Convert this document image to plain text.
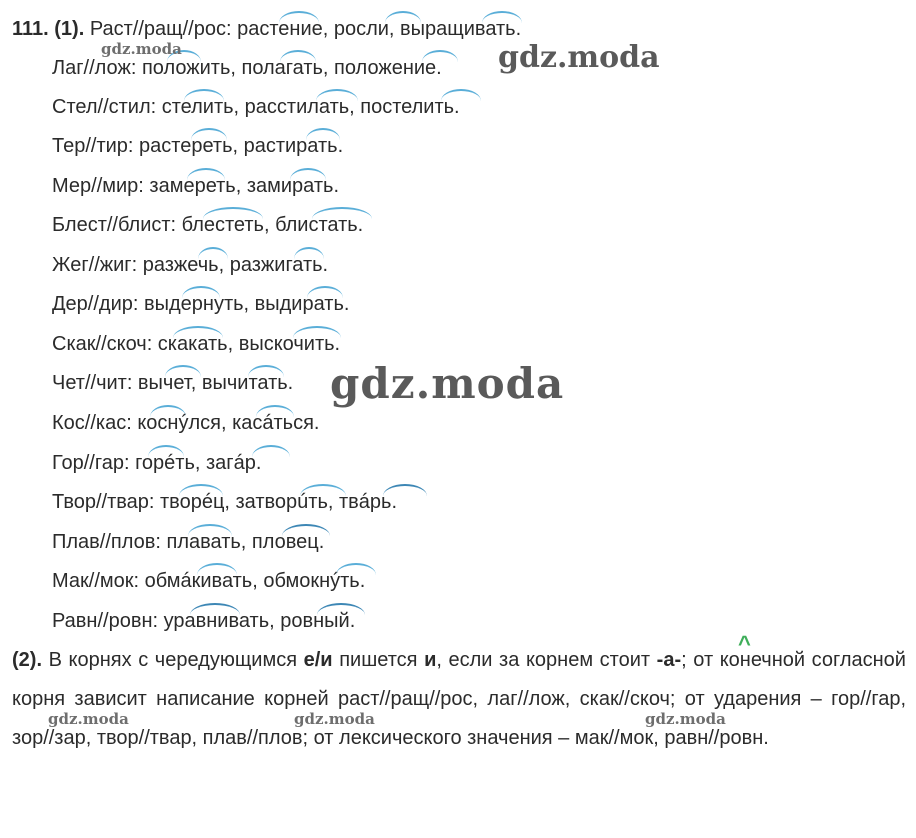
111. (1). Раст//ращ//рос: растение, росли, выращивать.
Лаг//лож: положить, полагать, положение.
Стел//стил: стелить, расстилать, постелить.
Тер//тир: растереть, растирать.
Мер//мир: замереть, замирать.
Блест//блист: блестеть, блистать.
Жег//жиг: разжечь, разжигать.
Дер//дир: выдернуть, выдирать.
Скак//скоч: скакать, выскочить.
Чет//чит: вычет, вычитать.
Кос//кас: коснýлся, касáться.
Гор//гар: горéть, загáр.
Твор//твар: творéц, затворúть, твáрь.
Плав//плов: плавать, пловец.
Мак//мок: обмáкивать, обмокнýть.
Равн//ровн: уравнивать, ровный.
^
(2). В корнях с чередующимся е/и пишется и, если за корнем стоит -а-; от конечной согласной корня зависит написание корней раст//ращ//рос, лаг//лож, скак//скоч; от ударения – гор//гар, зор//зар, твор//твар, плав//плов; от лексического значения – мак//мок, равн//ровн.
gdz.moda	gdz.moda
gdz.moda
gdz.moda	gdz.moda	gdz.moda
